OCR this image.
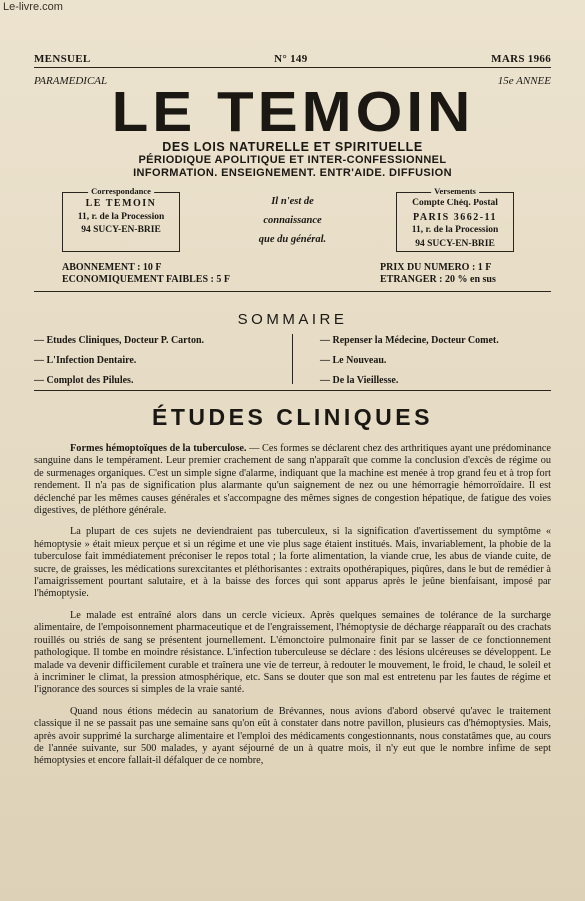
Le-livre.com
MENSUEL	N° 149	MARS 1966
PARAMEDICAL	15e ANNEE
LE TEMOIN
DES LOIS NATURELLE ET SPIRITUELLE
PÉRIODIQUE APOLITIQUE ET INTER-CONFESSIONNEL
INFORMATION. ENSEIGNEMENT. ENTR'AIDE. DIFFUSION
Correspondance
LE TEMOIN
11, r. de la Procession
94 SUCY-EN-BRIE
Il n'est de
connaissance
que du général.
Versements
Compte Chèq. Postal
PARIS 3662-11
11, r. de la Procession
94 SUCY-EN-BRIE
ABONNEMENT : 10 F
ECONOMIQUEMENT FAIBLES : 5 F
PRIX DU NUMERO : 1 F
ETRANGER : 20 % en sus
SOMMAIRE
— Etudes Cliniques, Docteur P. Carton.
— L'Infection Dentaire.
— Complot des Pilules.
— Repenser la Médecine, Docteur Comet.
— Le Nouveau.
— De la Vieillesse.
ÉTUDES CLINIQUES

Formes hémoptoïques de la tuberculose. — Ces formes se déclarent chez des arthritiques ayant une prédominance sanguine dans le tempérament. Leur premier crachement de sang n'apparaît que comme la conclusion d'excès de régime ou de surmenages organiques. C'est un simple signe d'alarme, indiquant que la machine est menée à trop grand feu et à trop fort rendement. Il n'a pas de signification plus alarmante qu'un saignement de nez ou une hémorragie hémorroïdaire. Il est déclenché par les mêmes causes générales et s'accompagne des mêmes signes de congestion hépatique, de fatigue des voies digestives, de pléthore générale.

La plupart de ces sujets ne deviendraient pas tuberculeux, si la signification d'avertissement du symptôme « hémoptysie » était mieux perçue et si un régime et une vie plus sage étaient institués. Mais, invariablement, la phobie de la tuberculose fait immédiatement préconiser le repos total ; la forte alimentation, la viande crue, les abus de viande cuite, de sucre, de graisses, les médications surexcitantes et pléthorisantes : extraits opothérapiques, piqûres, dans le but de remédier à l'amaigrissement pourtant salutaire, et à la baisse des forces qui sont apparus après le jeûne bienfaisant, imposé par l'hémoptysie.

Le malade est entraîné alors dans un cercle vicieux. Après quelques semaines de tolérance de la surcharge alimentaire, de l'empoisonnement pharmaceutique et de l'engraissement, l'hémoptysie de décharge réapparaît ou des crachats rouillés ou striés de sang se présentent journellement. L'émonctoire pulmonaire finit par se lasser de ce fonctionnement pathologique. Il tombe en moindre résistance. L'infection tuberculeuse se déclare : des lésions ulcéreuses se développent. Le malade va devenir difficilement curable et traînera une vie de terreur, à redouter le mouvement, le froid, le chaud, le soleil et à incriminer le climat, la pression atmosphérique, etc. Sans se douter que son mal est entretenu par les fautes de régime et l'ignorance des sources si simples de la vraie santé.

Quand nous étions médecin au sanatorium de Brévannes, nous avions d'abord observé qu'avec le traitement classique il ne se passait pas une semaine sans qu'on eût à constater dans notre pavillon, plusieurs cas d'hémoptysies. Mais, après avoir supprimé la surcharge alimentaire et l'emploi des médicaments congestionnants, nous constatâmes que, au cours de l'année suivante, sur 500 malades, y ayant séjourné de un à quatre mois, il n'y eut que le nombre infime de sept hémoptysies et encore fallait-il défalquer de ce nombre,
